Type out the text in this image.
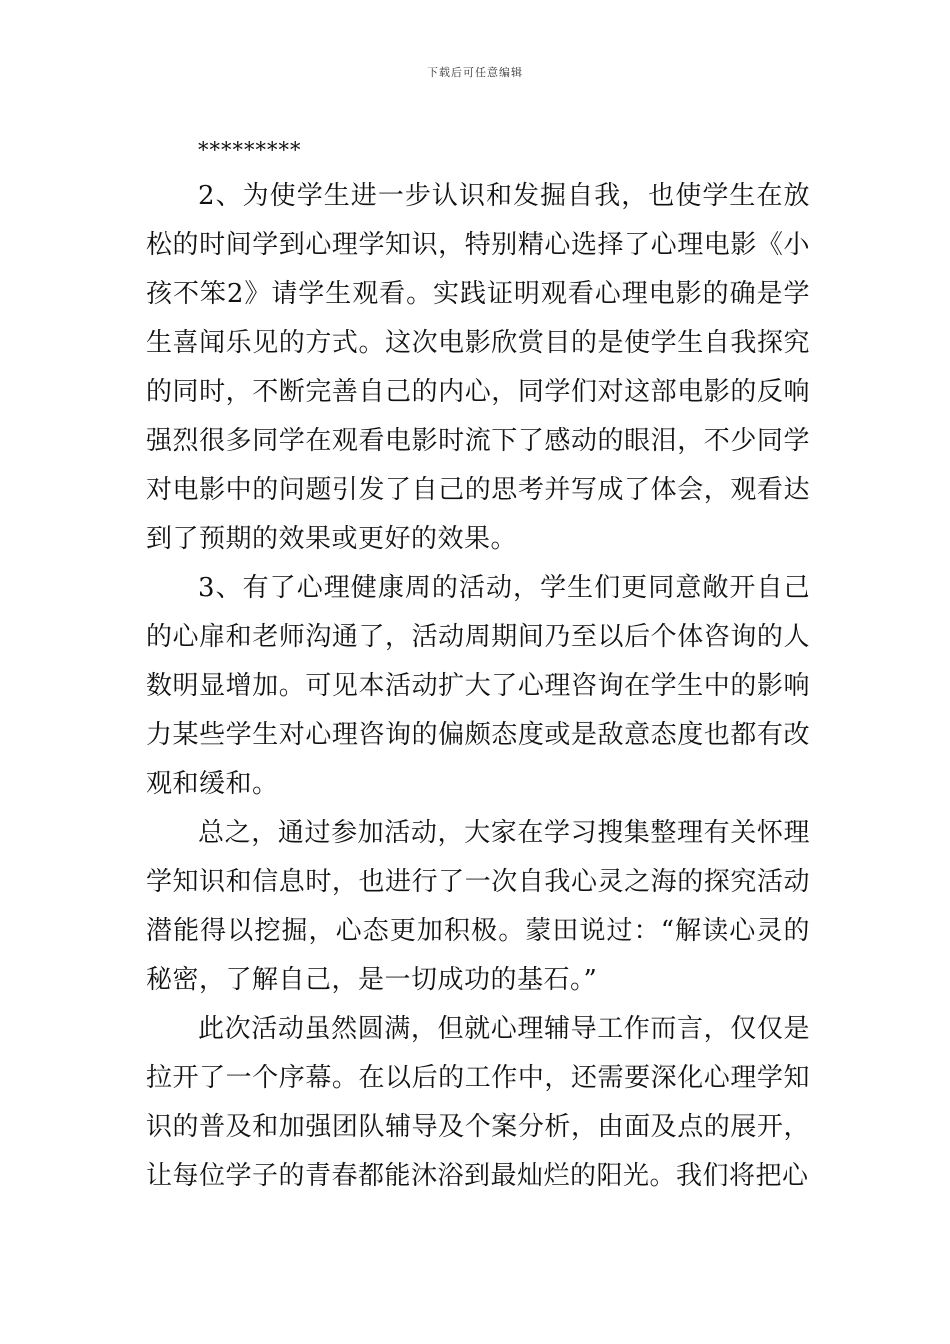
下载后可任意编辑

*********

2、为使学生进一步认识和发掘自我，也使学生在放松的时间学到心理学知识，特别精心选择了心理电影《小孩不笨2》请学生观看。实践证明观看心理电影的确是学生喜闻乐见的方式。这次电影欣赏目的是使学生自我探究的同时，不断完善自己的内心，同学们对这部电影的反响强烈很多同学在观看电影时流下了感动的眼泪，不少同学对电影中的问题引发了自己的思考并写成了体会，观看达到了预期的效果或更好的效果。

3、有了心理健康周的活动，学生们更同意敞开自己的心扉和老师沟通了，活动周期间乃至以后个体咨询的人数明显增加。可见本活动扩大了心理咨询在学生中的影响力某些学生对心理咨询的偏颇态度或是敌意态度也都有改观和缓和。

总之，通过参加活动，大家在学习搜集整理有关怀理学知识和信息时，也进行了一次自我心灵之海的探究活动潜能得以挖掘，心态更加积极。蒙田说过：“解读心灵的秘密，了解自己，是一切成功的基石。”

此次活动虽然圆满，但就心理辅导工作而言，仅仅是拉开了一个序幕。在以后的工作中，还需要深化心理学知识的普及和加强团队辅导及个案分析，由面及点的展开，让每位学子的青春都能沐浴到最灿烂的阳光。我们将把心
